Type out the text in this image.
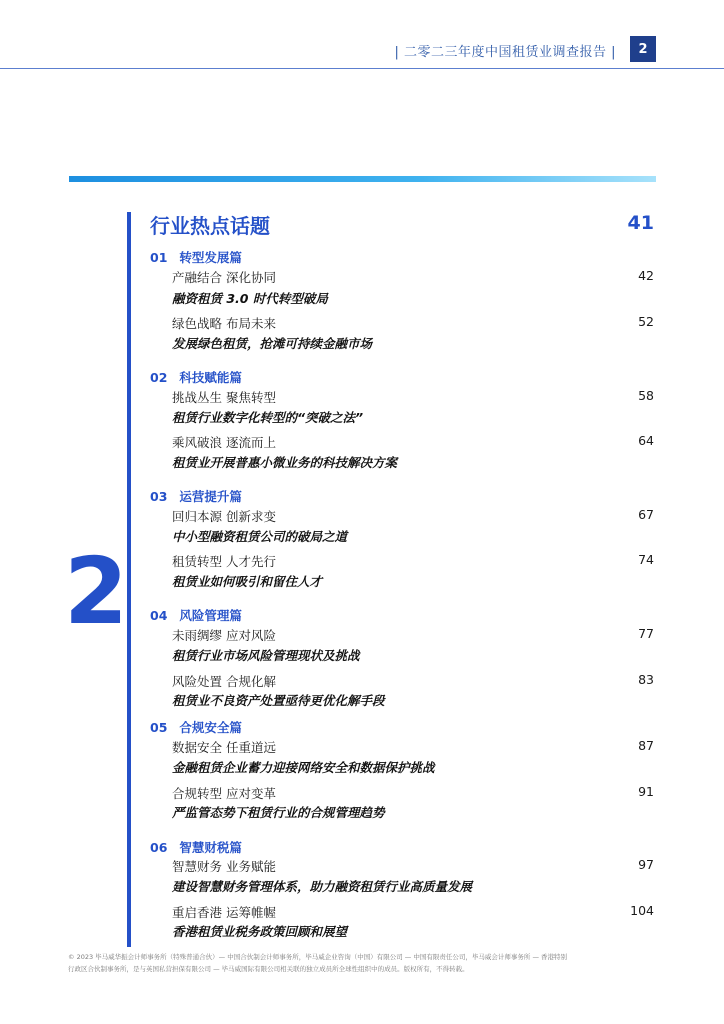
| 二零二三年度中国租赁业调查报告 |	2
2
行业热点话题	41
01 转型发展篇
产融结合 深化协同	42
融资租赁 3.0 时代转型破局
绿色战略 布局未来	52
发展绿色租赁，抢滩可持续金融市场
02 科技赋能篇
挑战丛生 聚焦转型	58
租赁行业数字化转型的“突破之法”
乘风破浪 逐流而上	64
租赁业开展普惠小微业务的科技解决方案
03 运营提升篇
回归本源 创新求变	67
中小型融资租赁公司的破局之道
租赁转型 人才先行	74
租赁业如何吸引和留住人才
04 风险管理篇
未雨绸缪 应对风险	77
租赁行业市场风险管理现状及挑战
风险处置 合规化解	83
租赁业不良资产处置亟待更优化解手段
05 合规安全篇
数据安全 任重道远	87
金融租赁企业蓄力迎接网络安全和数据保护挑战
合规转型 应对变革	91
严监管态势下租赁行业的合规管理趋势
06 智慧财税篇
智慧财务 业务赋能	97
建设智慧财务管理体系，助力融资租赁行业高质量发展
重启香港 运筹帷幄	104
香港租赁业税务政策回顾和展望
© 2023 毕马威华振会计师事务所（特殊普通合伙）— 中国合伙制会计师事务所，毕马威企业咨询（中国）有限公司 — 中国有限责任公司，毕马威会计师事务所 — 香港特别
行政区合伙制事务所，是与英国私营担保有限公司 — 毕马威国际有限公司相关联的独立成员所全球性组织中的成员。版权所有，不得转载。
